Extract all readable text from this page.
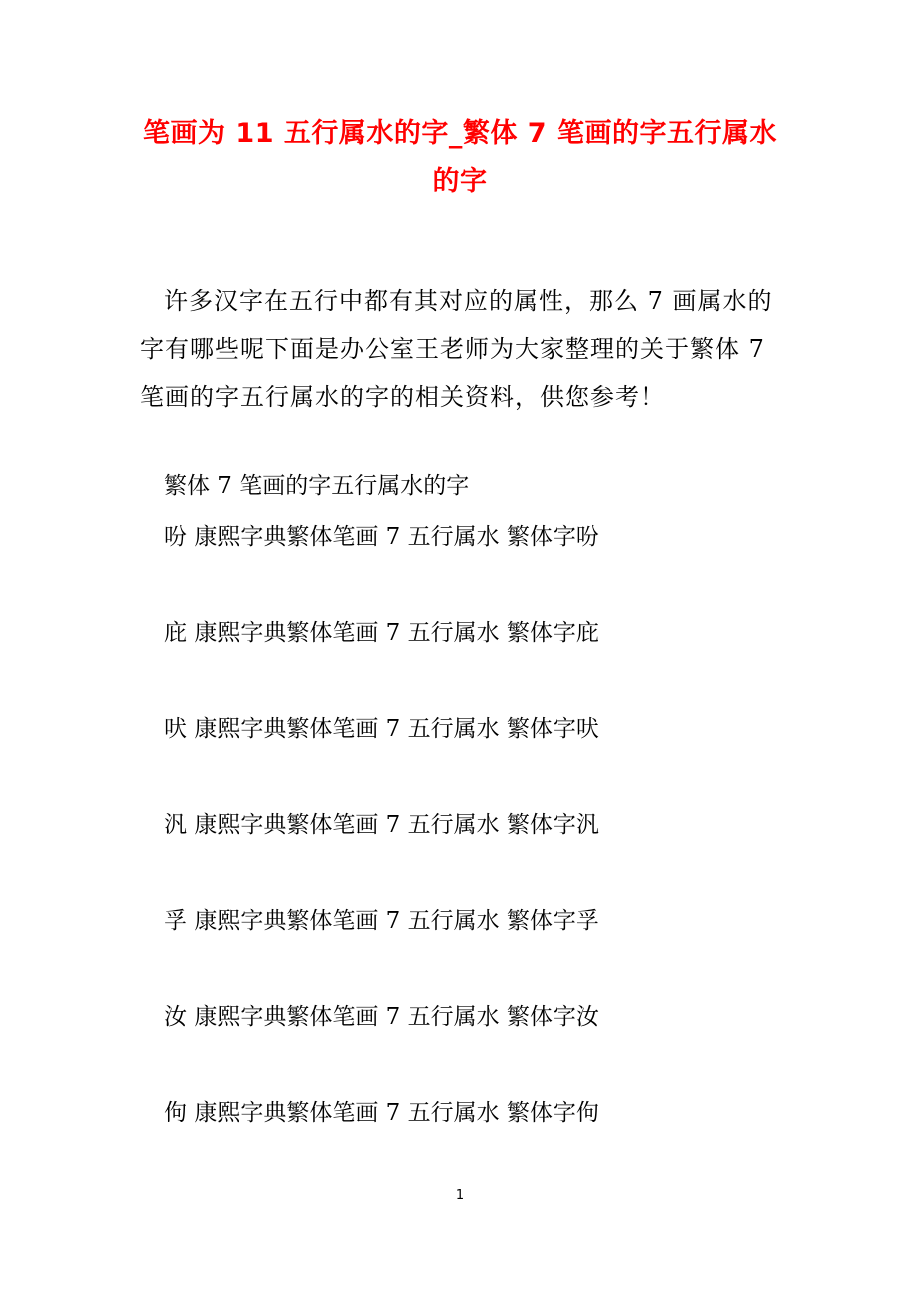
笔画为 11 五行属水的字_繁体 7 笔画的字五行属水的字
许多汉字在五行中都有其对应的属性，那么 7 画属水的字有哪些呢下面是办公室王老师为大家整理的关于繁体 7 笔画的字五行属水的字的相关资料，供您参考！
繁体 7 笔画的字五行属水的字
吩 康熙字典繁体笔画 7 五行属水 繁体字吩
庇 康熙字典繁体笔画 7 五行属水 繁体字庇
吠 康熙字典繁体笔画 7 五行属水 繁体字吠
汎 康熙字典繁体笔画 7 五行属水 繁体字汎
孚 康熙字典繁体笔画 7 五行属水 繁体字孚
汝 康熙字典繁体笔画 7 五行属水 繁体字汝
佝 康熙字典繁体笔画 7 五行属水 繁体字佝
1
